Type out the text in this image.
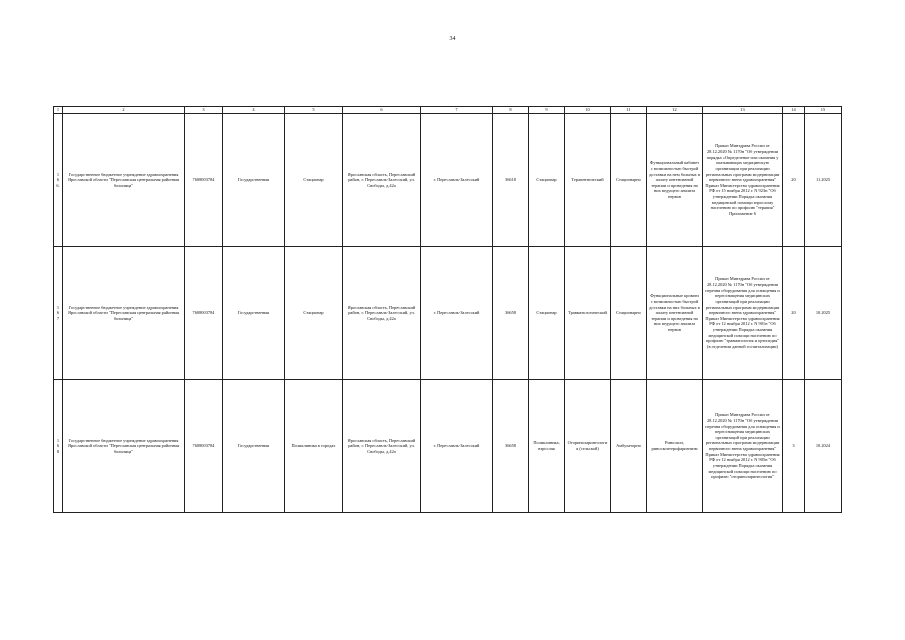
34
1	2	3	4	5	6	7	8	9	10	11	12	13	14	15
166.	Государственное бюджетное учреждение здравоохранения Ярославской области "Переславская центральная районная больница"	7608003784	Государственная	Стационар	Ярославская область, Переславский район, г. Переславль-Залесский, ул. Свободы, д.42а	г. Переславль-Залесский	36618	Стационар	Терапевтический	Стационарно	Функциональный кабинет с возможностью быстрой доставки на нем больных в палату интенсивной терапии и проведения на них ведущего анализа нервов	Приказ Минздрава России от 28.12.2020 № 1170н "Об утверждении порядка «Определение или оказания у оказывающих медицинскую организации при реализации региональных программ модернизации первичного звена здравоохранения" Приказ Министерства здравоохранения РФ от 15 ноября 2012 г. N 923н "Об утверждении Порядка оказания медицинской помощи взрослому населению по профилю "терапия" Приложение 6	20	11.2025
167	Государственное бюджетное учреждение здравоохранения Ярославской области "Переславская центральная районная больница"	7608003784	Государственная	Стационар	Ярославская область, Переславский район, г. Переславль-Залесский, ул. Свободы, д.42а	г. Переславль-Залесский	36658	Стационар	Травматологический	Стационарно	Функциональные кровати с возможностью быстрой доставки на них больных в палату интенсивной терапии и проведения на них ведущего анализа нервов	Приказ Минздрава России от 28.12.2020 № 1170н "Об утверждении перечня оборудования для оснащения и переоснащения медицинских организаций при реализации региональных программ модернизации первичного звена здравоохранения" Приказ Министерства здравоохранения РФ от 12 ноября 2012 г. N 901н "Об утверждении Порядка оказания медицинской помощи населению по профилю "травматология и ортопедия" (в отделении данной госпитализации)	20	10.2025
168	Государственное бюджетное учреждение здравоохранения Ярославской области "Переславская центральная районная больница"	7608003784	Государственная	Поликлиника в городах	Ярославская область, Переславский район, г. Переславль-Залесский, ул. Свободы, д.42а	г. Переславль-Залесский	36658	Поликлиника, взрослая	Оториноларингология (сельской)	Амбулаторно	Риноскоп, риноскоптерофаризнизм	Приказ Минздрава России от 28.12.2020 № 1170н "Об утверждении перечня оборудования для оснащения и переоснащения медицинских организаций при реализации региональных программ модернизации первичного звена здравоохранения" Приказ Министерства здравоохранения РФ от 12 ноября 2012 г. N 905н "Об утверждении Порядка оказания медицинской помощи населению по профилю "оториноларингология"	3	10.2024
